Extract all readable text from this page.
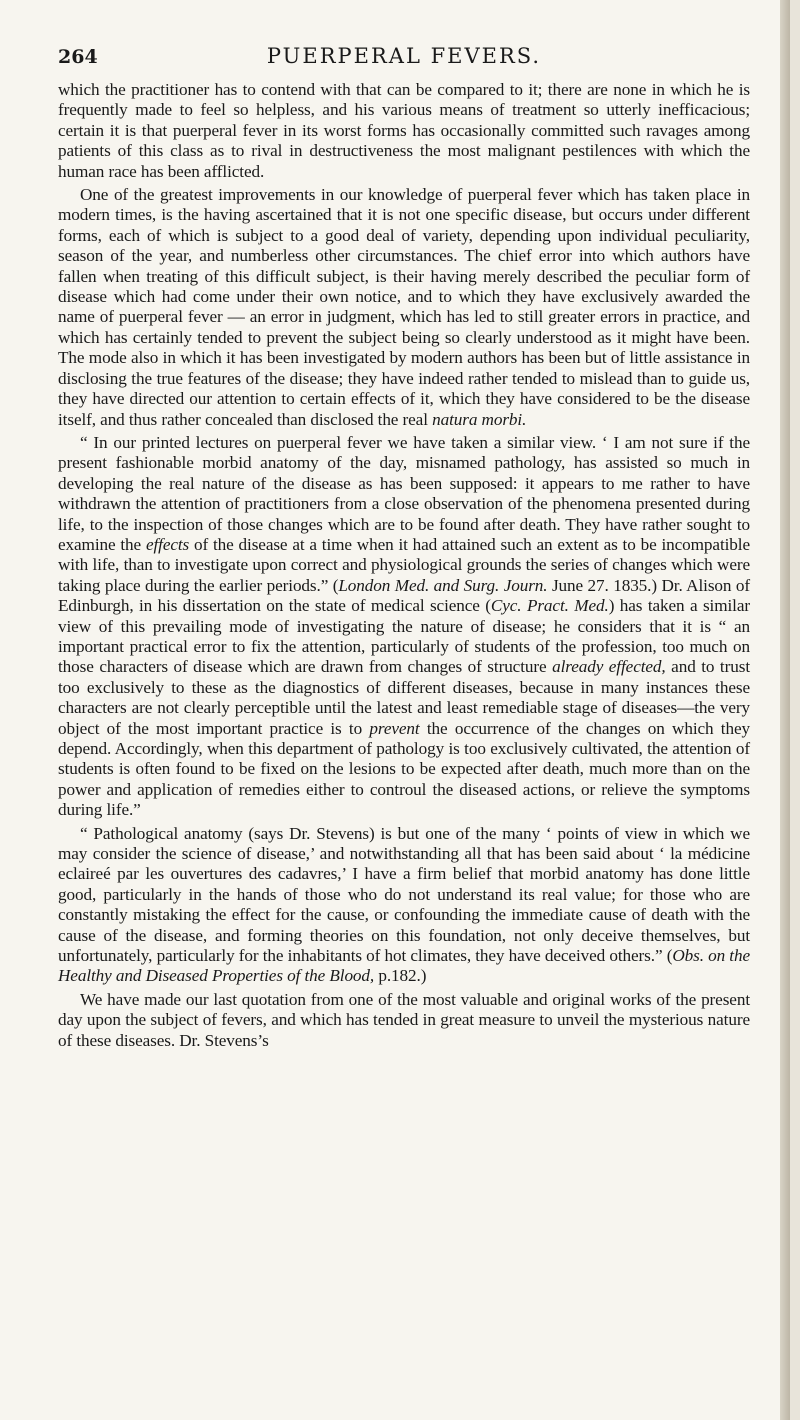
264	PUERPERAL FEVERS.

which the practitioner has to contend with that can be compared to it; there are none in which he is frequently made to feel so helpless, and his various means of treatment so utterly inefficacious; certain it is that puerperal fever in its worst forms has occasionally committed such ravages among patients of this class as to rival in destructiveness the most malignant pestilences with which the human race has been afflicted.

One of the greatest improvements in our knowledge of puerperal fever which has taken place in modern times, is the having ascertained that it is not one specific disease, but occurs under different forms, each of which is subject to a good deal of variety, depending upon individual peculiarity, season of the year, and numberless other circumstances. The chief error into which authors have fallen when treating of this difficult subject, is their having merely described the peculiar form of disease which had come under their own notice, and to which they have exclusively awarded the name of puerperal fever — an error in judgment, which has led to still greater errors in practice, and which has certainly tended to prevent the subject being so clearly understood as it might have been. The mode also in which it has been investigated by modern authors has been but of little assistance in disclosing the true features of the disease; they have indeed rather tended to mislead than to guide us, they have directed our attention to certain effects of it, which they have considered to be the disease itself, and thus rather concealed than disclosed the real natura morbi.

“ In our printed lectures on puerperal fever we have taken a similar view. ‘ I am not sure if the present fashionable morbid anatomy of the day, misnamed pathology, has assisted so much in developing the real nature of the disease as has been supposed: it appears to me rather to have withdrawn the attention of practitioners from a close observation of the phenomena presented during life, to the inspection of those changes which are to be found after death. They have rather sought to examine the effects of the disease at a time when it had attained such an extent as to be incompatible with life, than to investigate upon correct and physiological grounds the series of changes which were taking place during the earlier periods.” (London Med. and Surg. Journ. June 27. 1835.) Dr. Alison of Edinburgh, in his dissertation on the state of medical science (Cyc. Pract. Med.) has taken a similar view of this prevailing mode of investigating the nature of disease; he considers that it is “ an important practical error to fix the attention, particularly of students of the profession, too much on those characters of disease which are drawn from changes of structure already effected, and to trust too exclusively to these as the diagnostics of different diseases, because in many instances these characters are not clearly perceptible until the latest and least remediable stage of diseases—the very object of the most important practice is to prevent the occurrence of the changes on which they depend. Accordingly, when this department of pathology is too exclusively cultivated, the attention of students is often found to be fixed on the lesions to be expected after death, much more than on the power and application of remedies either to controul the diseased actions, or relieve the symptoms during life.”

“ Pathological anatomy (says Dr. Stevens) is but one of the many ‘ points of view in which we may consider the science of disease,’ and notwithstanding all that has been said about ‘ la médicine eclaireé par les ouvertures des cadavres,’ I have a firm belief that morbid anatomy has done little good, particularly in the hands of those who do not understand its real value; for those who are constantly mistaking the effect for the cause, or confounding the immediate cause of death with the cause of the disease, and forming theories on this foundation, not only deceive themselves, but unfortunately, particularly for the inhabitants of hot climates, they have deceived others.” (Obs. on the Healthy and Diseased Properties of the Blood, p.182.)

We have made our last quotation from one of the most valuable and original works of the present day upon the subject of fevers, and which has tended in great measure to unveil the mysterious nature of these diseases. Dr. Stevens’s
